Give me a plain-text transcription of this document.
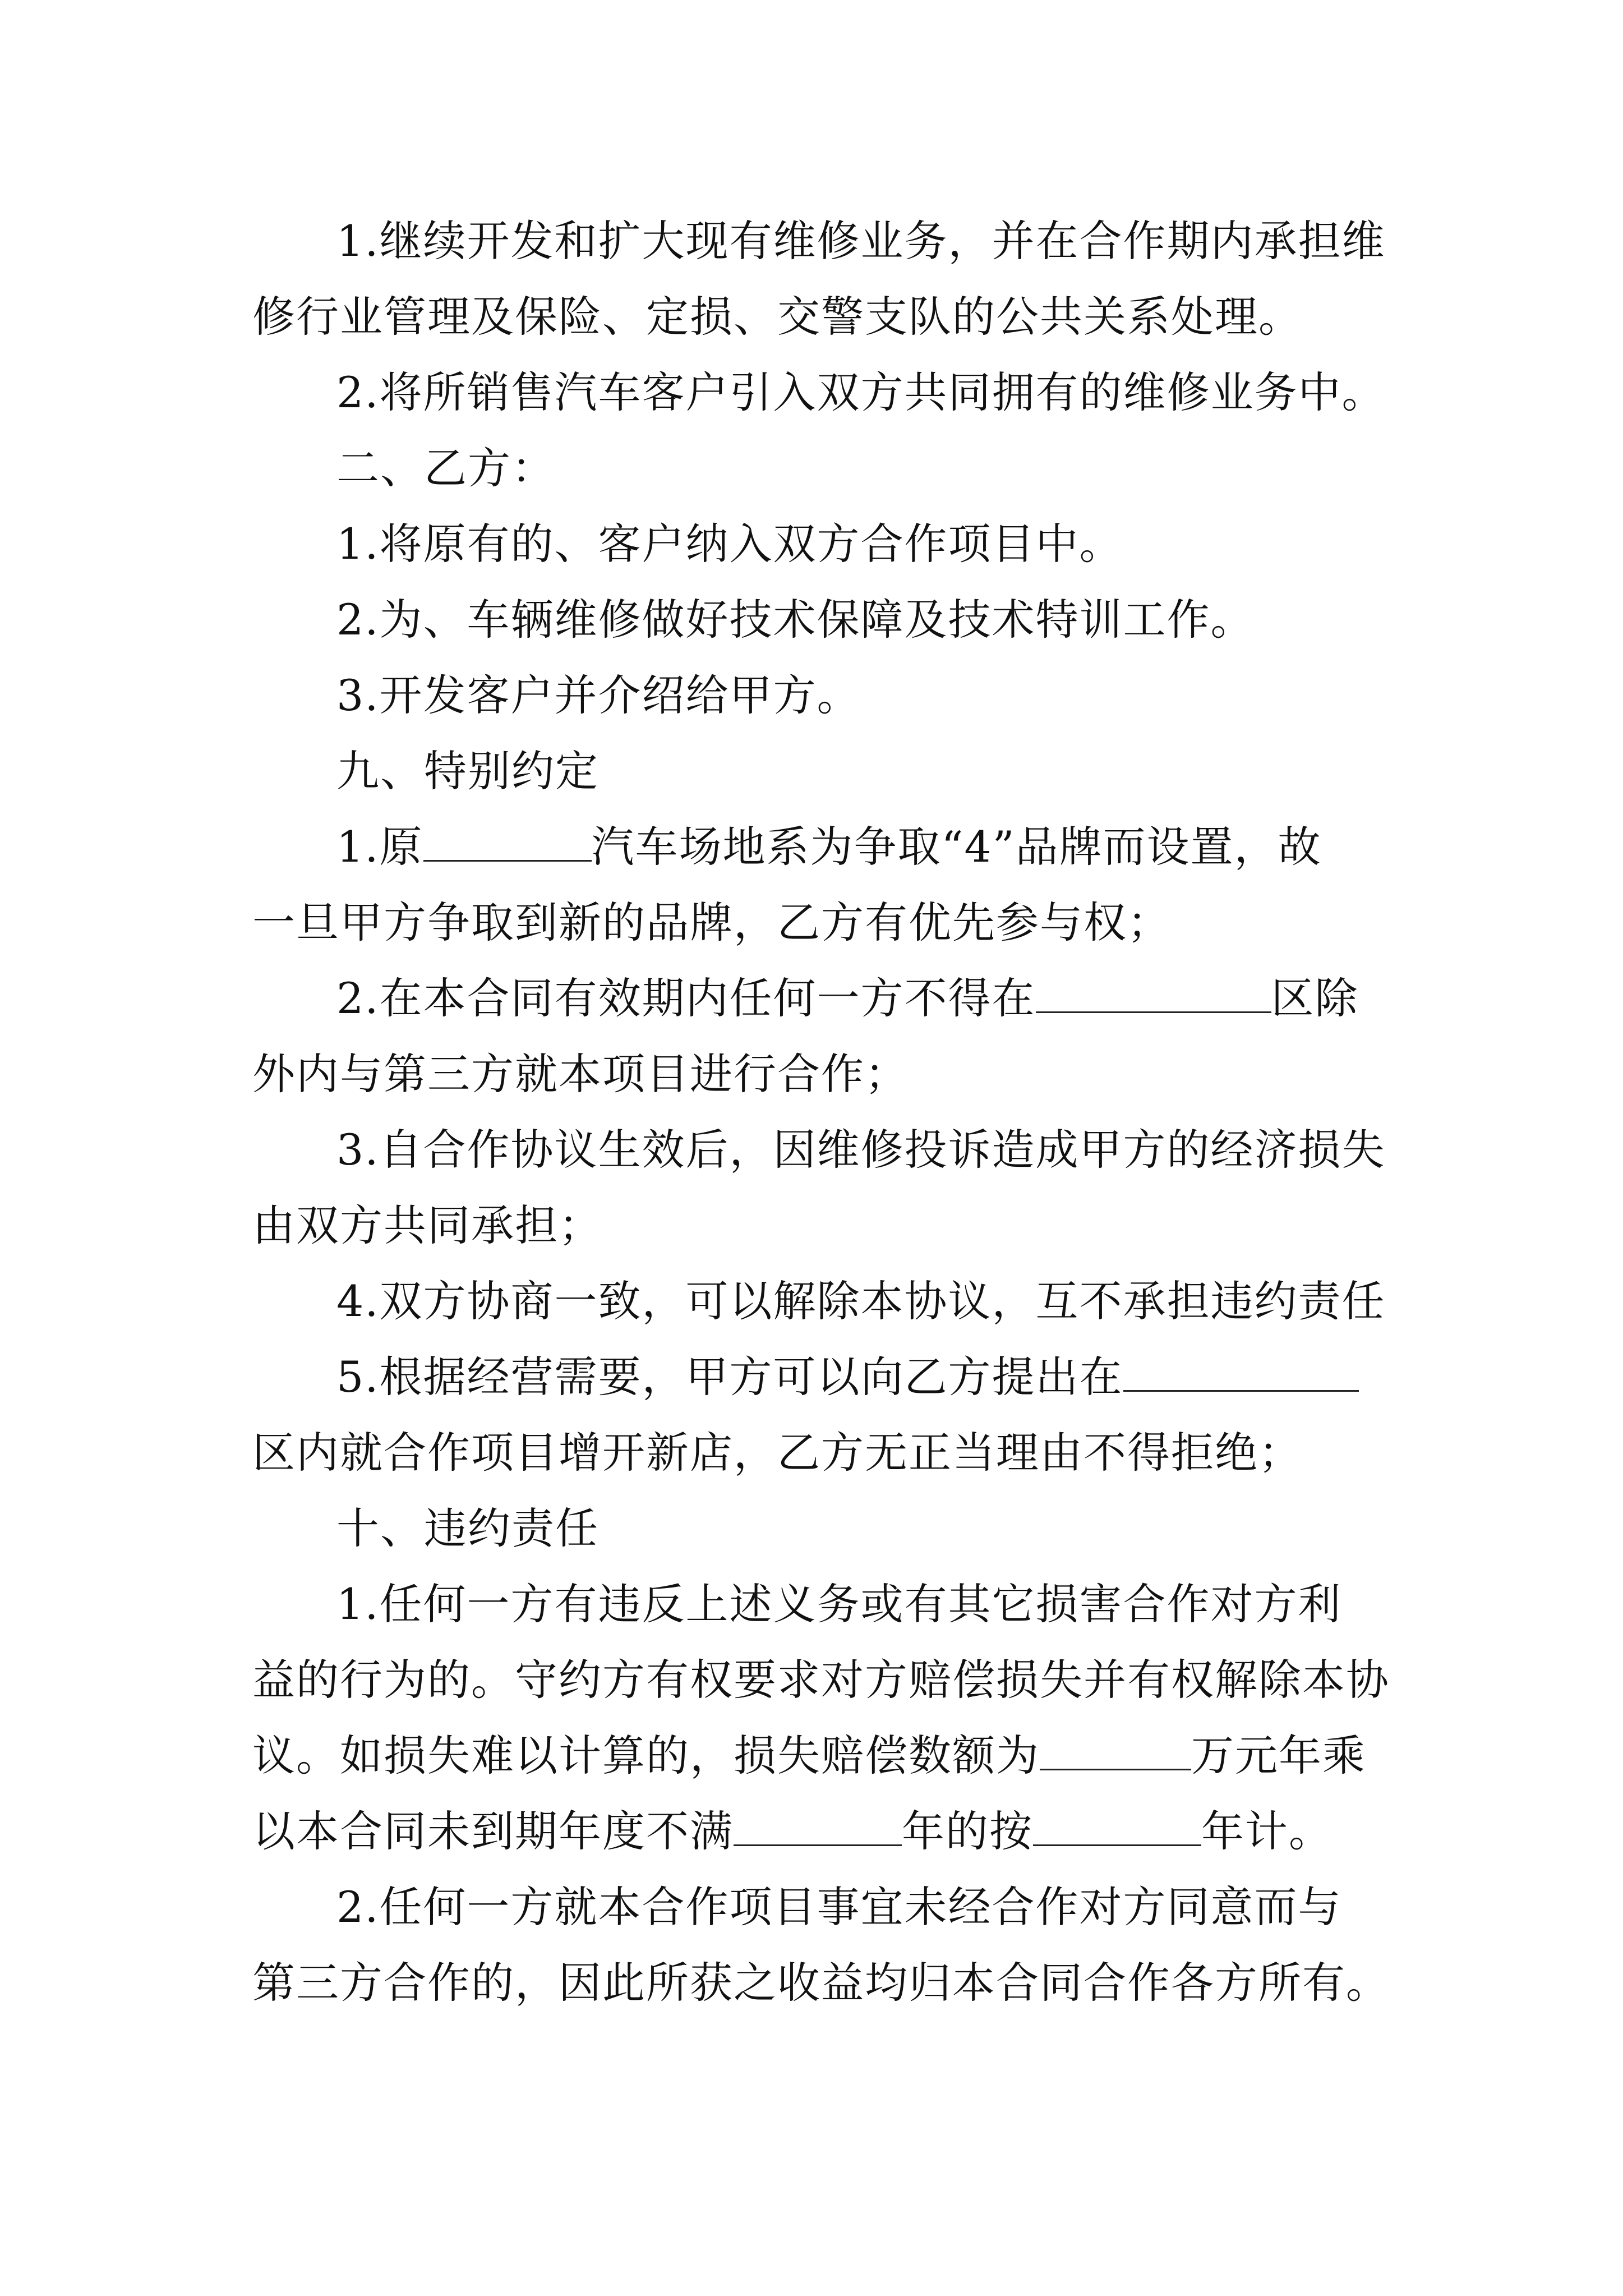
1.继续开发和扩大现有维修业务，并在合作期内承担维
修行业管理及保险、定损、交警支队的公共关系处理。
2.将所销售汽车客户引入双方共同拥有的维修业务中。
二、乙方：
1.将原有的、客户纳入双方合作项目中。
2.为、车辆维修做好技术保障及技术特训工作。
3.开发客户并介绍给甲方。
九、特别约定
1.原	汽车场地系为争取“4”品牌而设置，故
一旦甲方争取到新的品牌，乙方有优先参与权；
2.在本合同有效期内任何一方不得在	区除
外内与第三方就本项目进行合作；
3.自合作协议生效后，因维修投诉造成甲方的经济损失
由双方共同承担；
4.双方协商一致，可以解除本协议，互不承担违约责任
5.根据经营需要，甲方可以向乙方提出在
区内就合作项目增开新店，乙方无正当理由不得拒绝；
十、违约责任
1.任何一方有违反上述义务或有其它损害合作对方利
益的行为的。守约方有权要求对方赔偿损失并有权解除本协
议。如损失难以计算的，损失赔偿数额为	万元年乘
以本合同未到期年度不满	年的按	年计。
2.任何一方就本合作项目事宜未经合作对方同意而与
第三方合作的，因此所获之收益均归本合同合作各方所有。
